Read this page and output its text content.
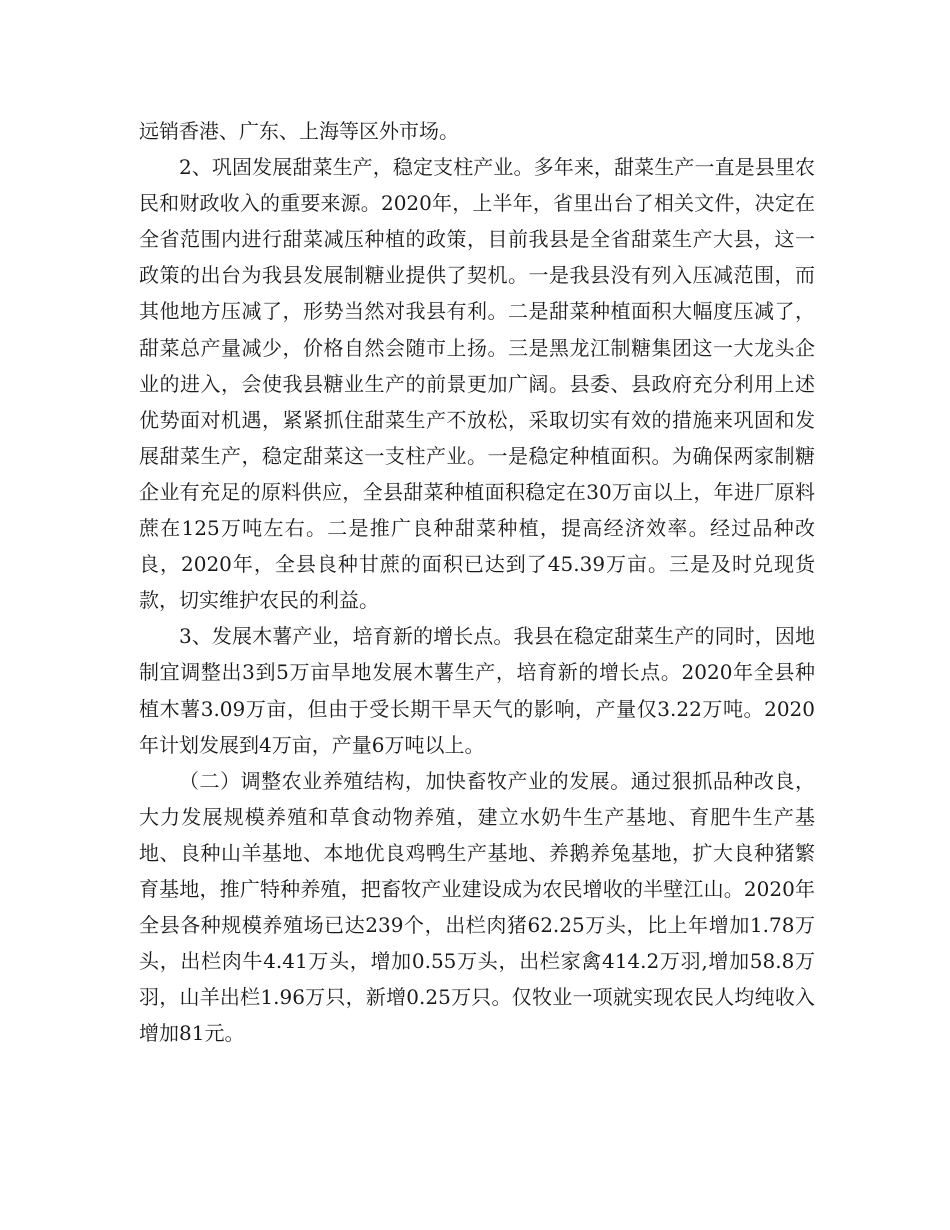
远销香港、广东、上海等区外市场。

2、巩固发展甜菜生产，稳定支柱产业。多年来，甜菜生产一直是县里农民和财政收入的重要来源。2020年，上半年，省里出台了相关文件，决定在全省范围内进行甜菜减压种植的政策，目前我县是全省甜菜生产大县，这一政策的出台为我县发展制糖业提供了契机。一是我县没有列入压减范围，而其他地方压减了，形势当然对我县有利。二是甜菜种植面积大幅度压减了，甜菜总产量减少，价格自然会随市上扬。三是黑龙江制糖集团这一大龙头企业的进入，会使我县糖业生产的前景更加广阔。县委、县政府充分利用上述优势面对机遇，紧紧抓住甜菜生产不放松，采取切实有效的措施来巩固和发展甜菜生产，稳定甜菜这一支柱产业。一是稳定种植面积。为确保两家制糖企业有充足的原料供应，全县甜菜种植面积稳定在30万亩以上，年进厂原料蔗在125万吨左右。二是推广良种甜菜种植，提高经济效率。经过品种改良，2020年，全县良种甘蔗的面积已达到了45.39万亩。三是及时兑现货款，切实维护农民的利益。

3、发展木薯产业，培育新的增长点。我县在稳定甜菜生产的同时，因地制宜调整出3到5万亩旱地发展木薯生产，培育新的增长点。2020年全县种植木薯3.09万亩，但由于受长期干旱天气的影响，产量仅3.22万吨。2020年计划发展到4万亩，产量6万吨以上。

（二）调整农业养殖结构，加快畜牧产业的发展。通过狠抓品种改良，大力发展规模养殖和草食动物养殖，建立水奶牛生产基地、育肥牛生产基地、良种山羊基地、本地优良鸡鸭生产基地、养鹅养兔基地，扩大良种猪繁育基地，推广特种养殖，把畜牧产业建设成为农民增收的半壁江山。2020年全县各种规模养殖场已达239个，出栏肉猪62.25万头，比上年增加1.78万头，出栏肉牛4.41万头，增加0.55万头，出栏家禽414.2万羽,增加58.8万羽，山羊出栏1.96万只，新增0.25万只。仅牧业一项就实现农民人均纯收入增加81元。
